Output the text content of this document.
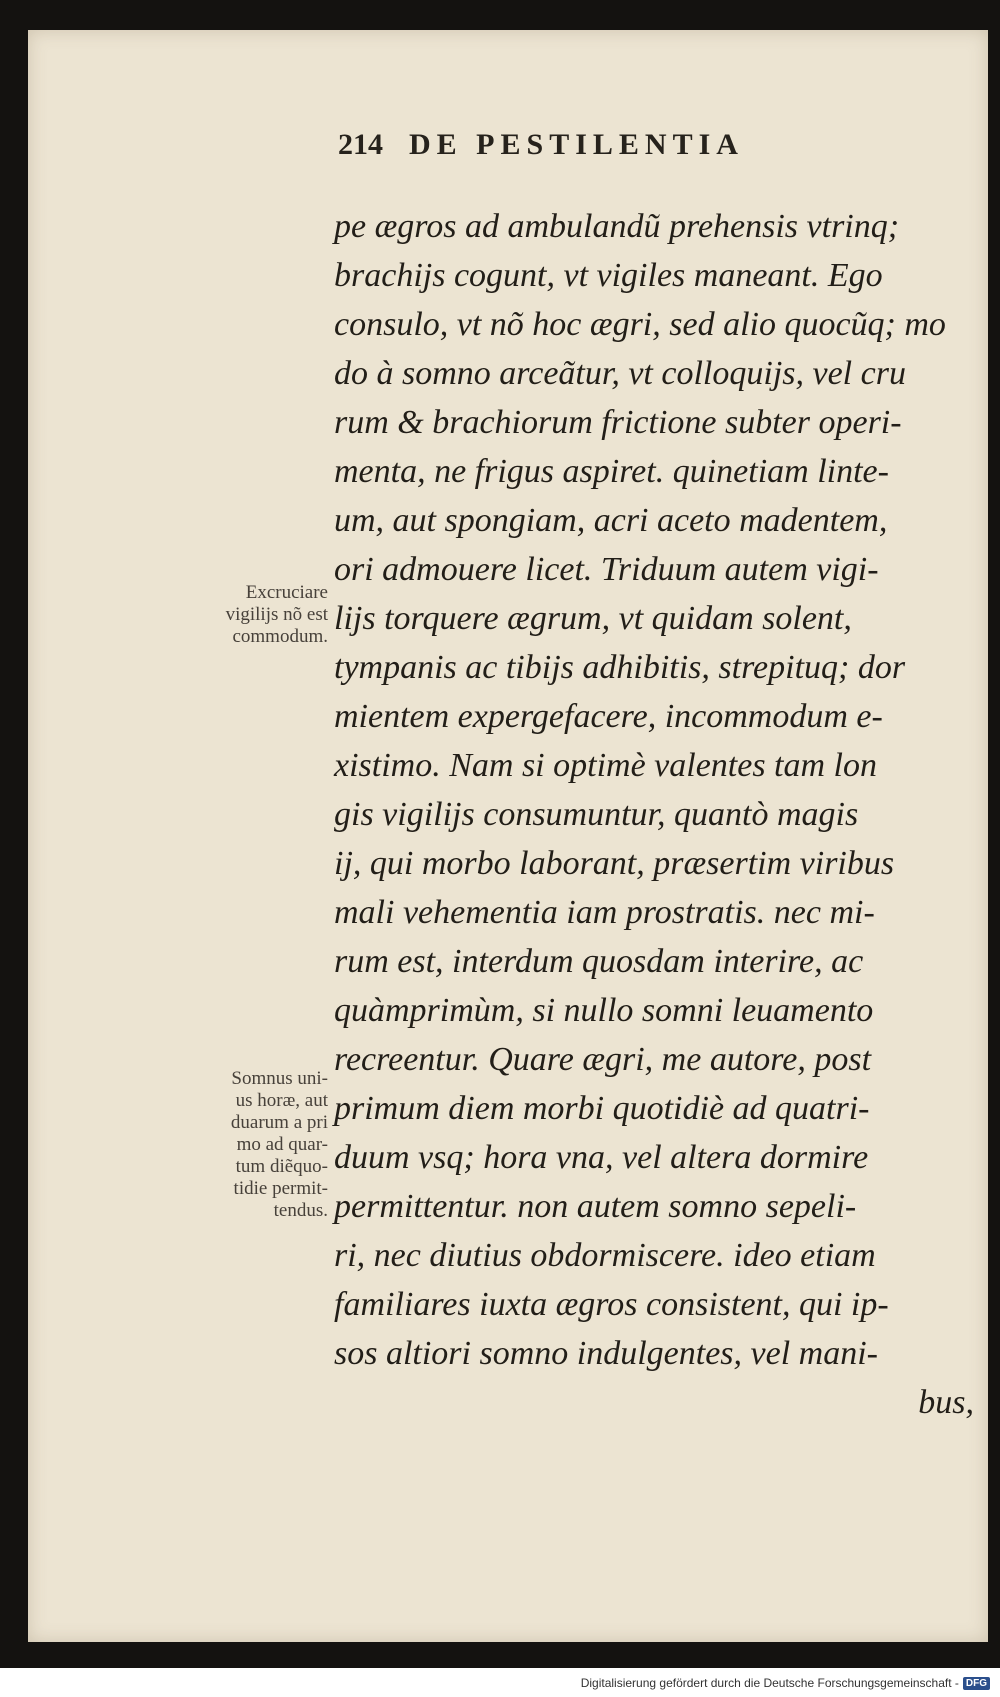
214 DE PESTILENTIA
Excruciare
vigilijs nõ est
commodum.
Somnus uni-
us horæ, aut
duarum a pri
mo ad quar-
tum diẽquo-
tidie permit-
tendus.
pe ægros ad ambulandũ prehensis vtrinq;
brachijs cogunt, vt vigiles maneant. Ego
consulo, vt nõ hoc ægri, sed alio quocũq; mo
do à somno arceãtur, vt colloquijs, vel cru
rum & brachiorum frictione subter operi-
menta, ne frigus aspiret. quinetiam linte-
um, aut spongiam, acri aceto madentem,
ori admouere licet. Triduum autem vigi-
lijs torquere ægrum, vt quidam solent,
tympanis ac tibijs adhibitis, strepituq; dor
mientem expergefacere, incommodum e-
xistimo. Nam si optimè valentes tam lon
gis vigilijs consumuntur, quantò magis
ij, qui morbo laborant, præsertim viribus
mali vehementia iam prostratis. nec mi-
rum est, interdum quosdam interire, ac
quàmprimùm, si nullo somni leuamento
recreentur. Quare ægri, me autore, post
primum diem morbi quotidiè ad quatri-
duum vsq; hora vna, vel altera dormire
permittentur. non autem somno sepeli-
ri, nec diutius obdormiscere. ideo etiam
familiares iuxta ægros consistent, qui ip-
sos altiori somno indulgentes, vel mani-
bus,
Digitalisierung gefördert durch die Deutsche Forschungsgemeinschaft - DFG
